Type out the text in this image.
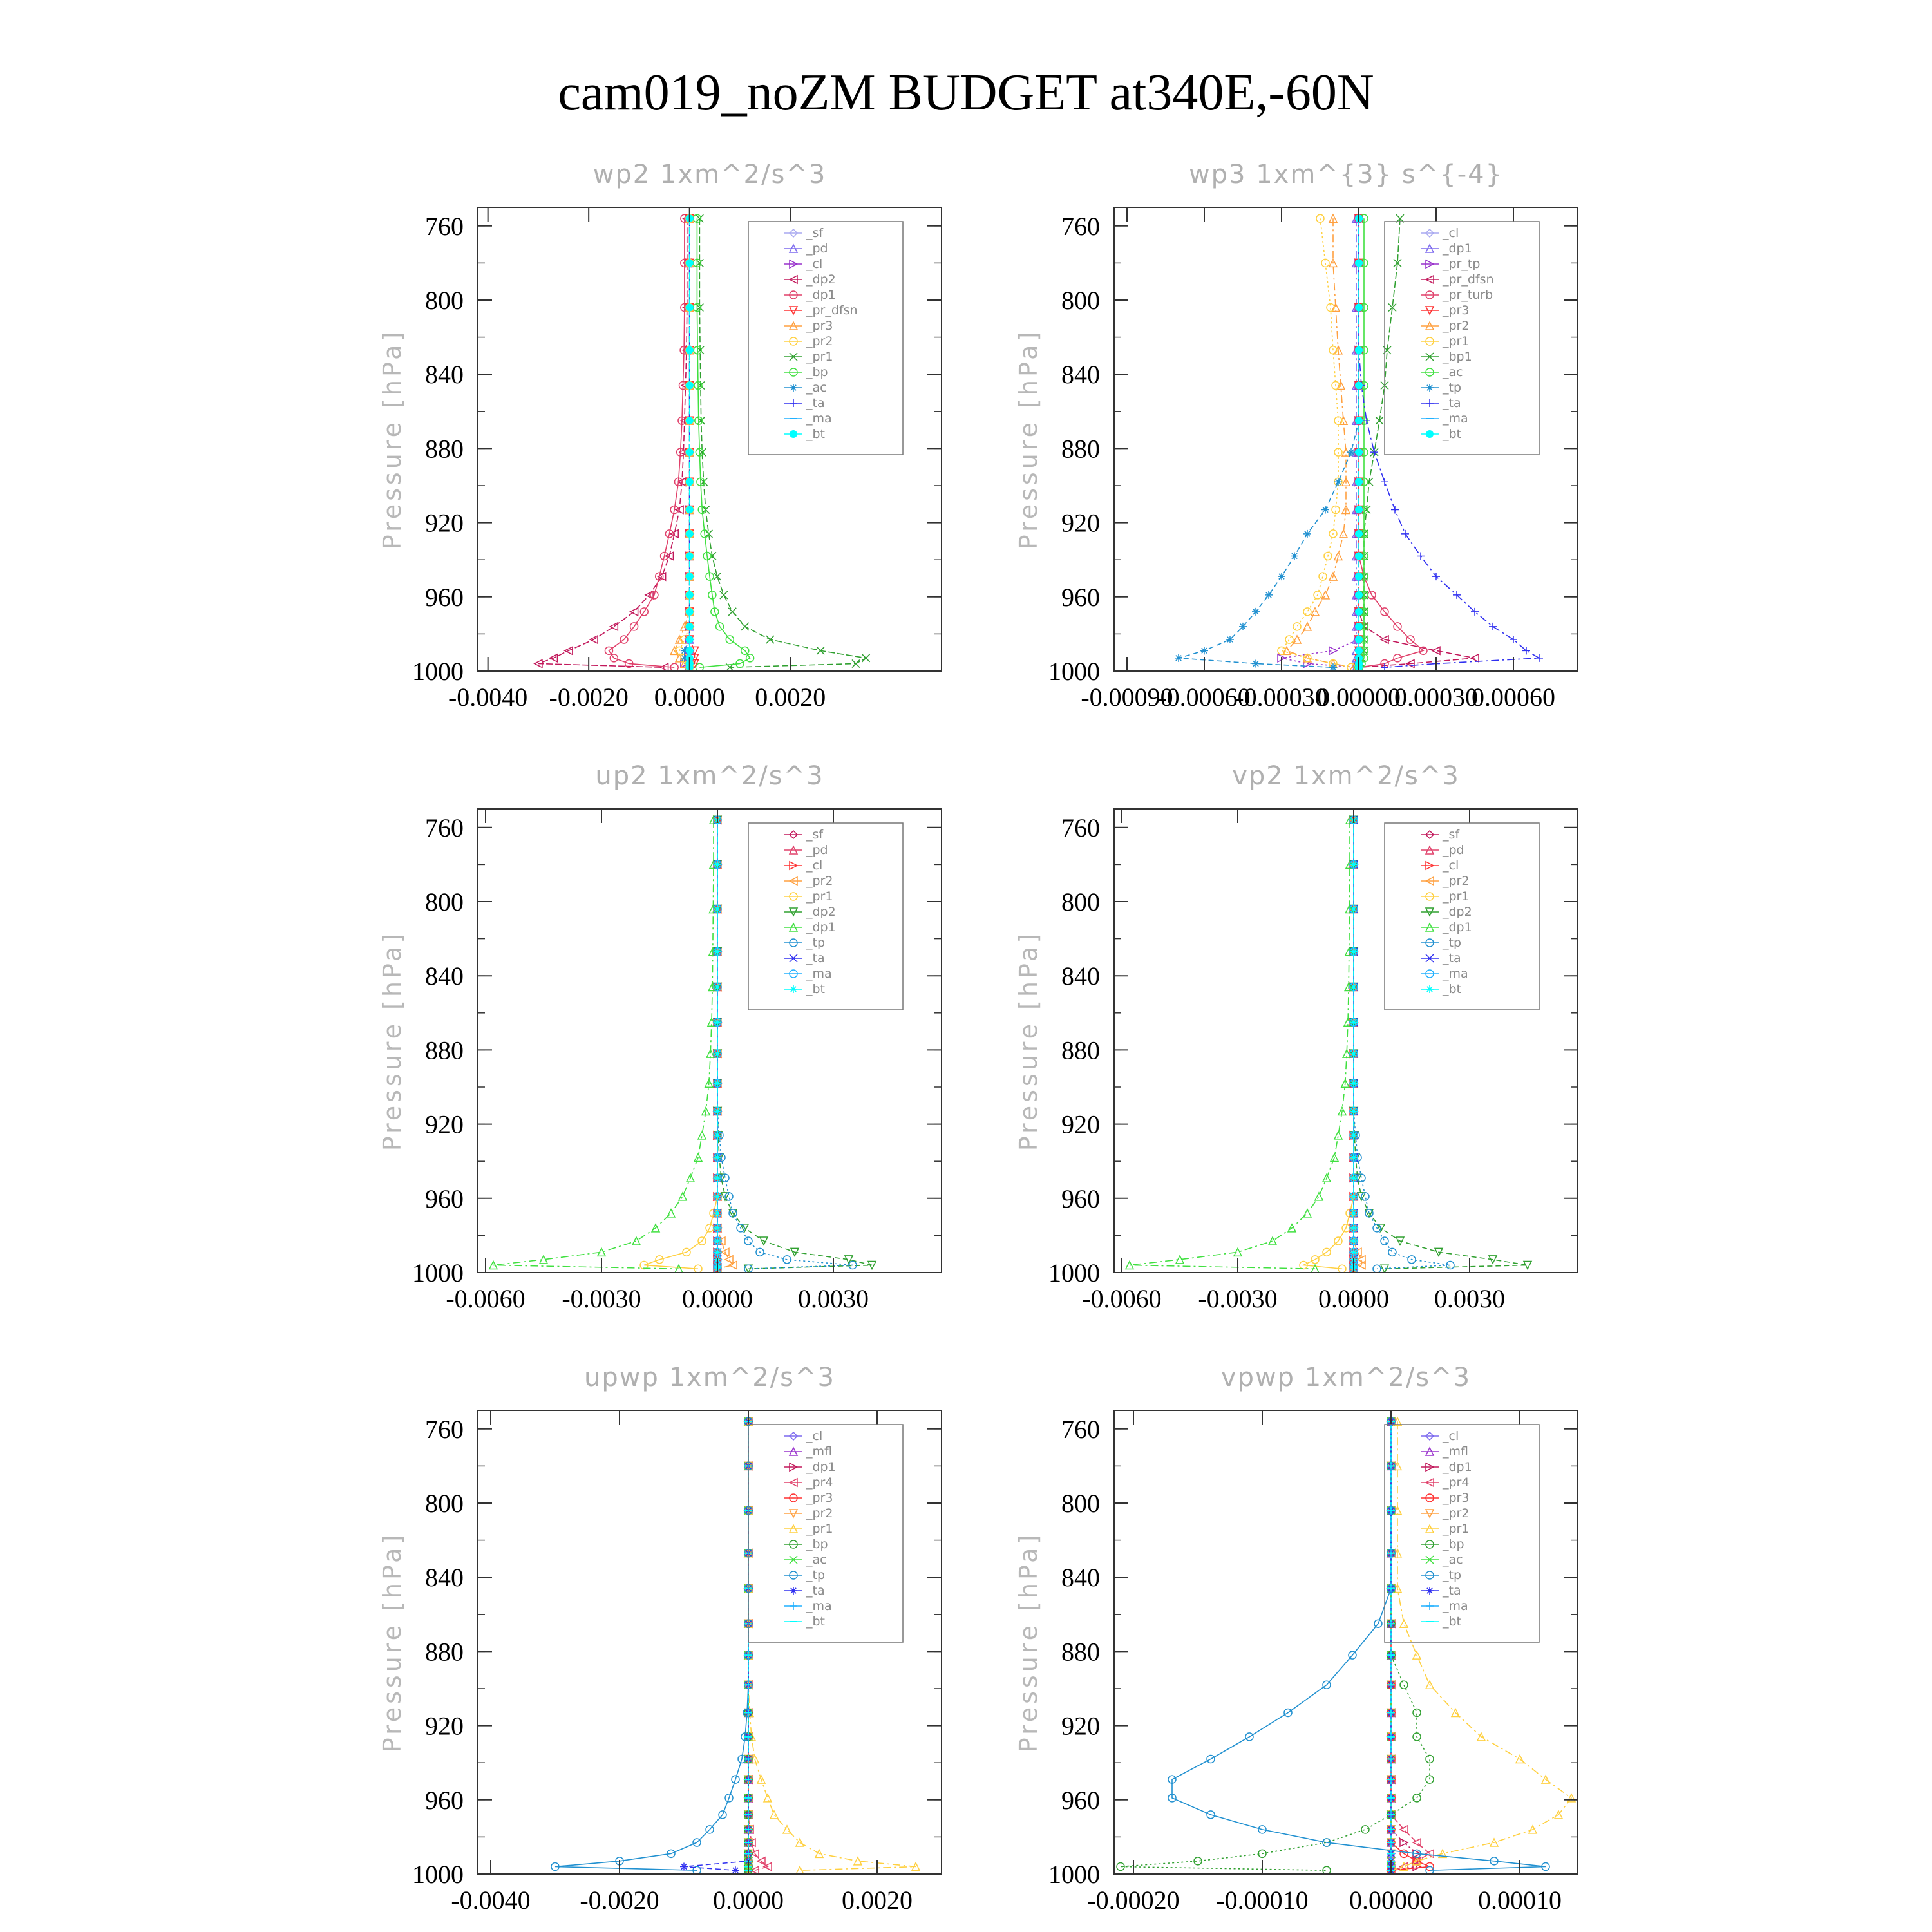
cam019_noZM BUDGET at340E,-60N
wp2 1xm^2/s^3
Pressure [hPa]
760
800
840
880
920
960
1000
-0.0040 -0.0020 0.0000 0.0020
_sf
_pd
_cl
_dp2
_dp1
_pr_dfsn
_pr3
_pr2
_pr1
_bp
_ac
_ta
_ma
_bt
wp3 1xm^{3} s^{-4}
Pressure [hPa]
760
800
840
880
920
960
1000
-0.00090
-0.00060
-0.00030
0.00000
0.00030
0.00060
_cl
_dp1
_pr_tp
_pr_dfsn
_pr_turb
_pr3
_pr2
_pr1
_bp1
_ac
_tp
_ta
_ma
_bt
up2 1xm^2/s^3
Pressure [hPa]
760
800
840
880
920
960
1000
-0.0060 -0.0030 0.0000 0.0030
_sf
_pd
_cl
_pr2
_pr1
_dp2
_dp1
_tp
_ta
_ma
_bt
vp2 1xm^2/s^3
Pressure [hPa]
760
800
840
880
920
960
1000
-0.0060 -0.0030 0.0000 0.0030
_sf
_pd
_cl
_pr2
_pr1
_dp2
_dp1
_tp
_ta
_ma
_bt
upwp 1xm^2/s^3
Pressure [hPa]
760
800
840
880
920
960
1000
-0.0040 -0.0020 0.0000 0.0020
_cl
_mfl
_dp1
_pr4
_pr3
_pr2
_pr1
_bp
_ac
_tp
_ta
_ma
_bt
vpwp 1xm^2/s^3
Pressure [hPa]
760
800
840
880
920
960
1000
-0.00020 -0.00010 0.00000 0.00010
_cl
_mfl
_dp1
_pr4
_pr3
_pr2
_pr1
_bp
_ac
_tp
_ta
_ma
_bt
